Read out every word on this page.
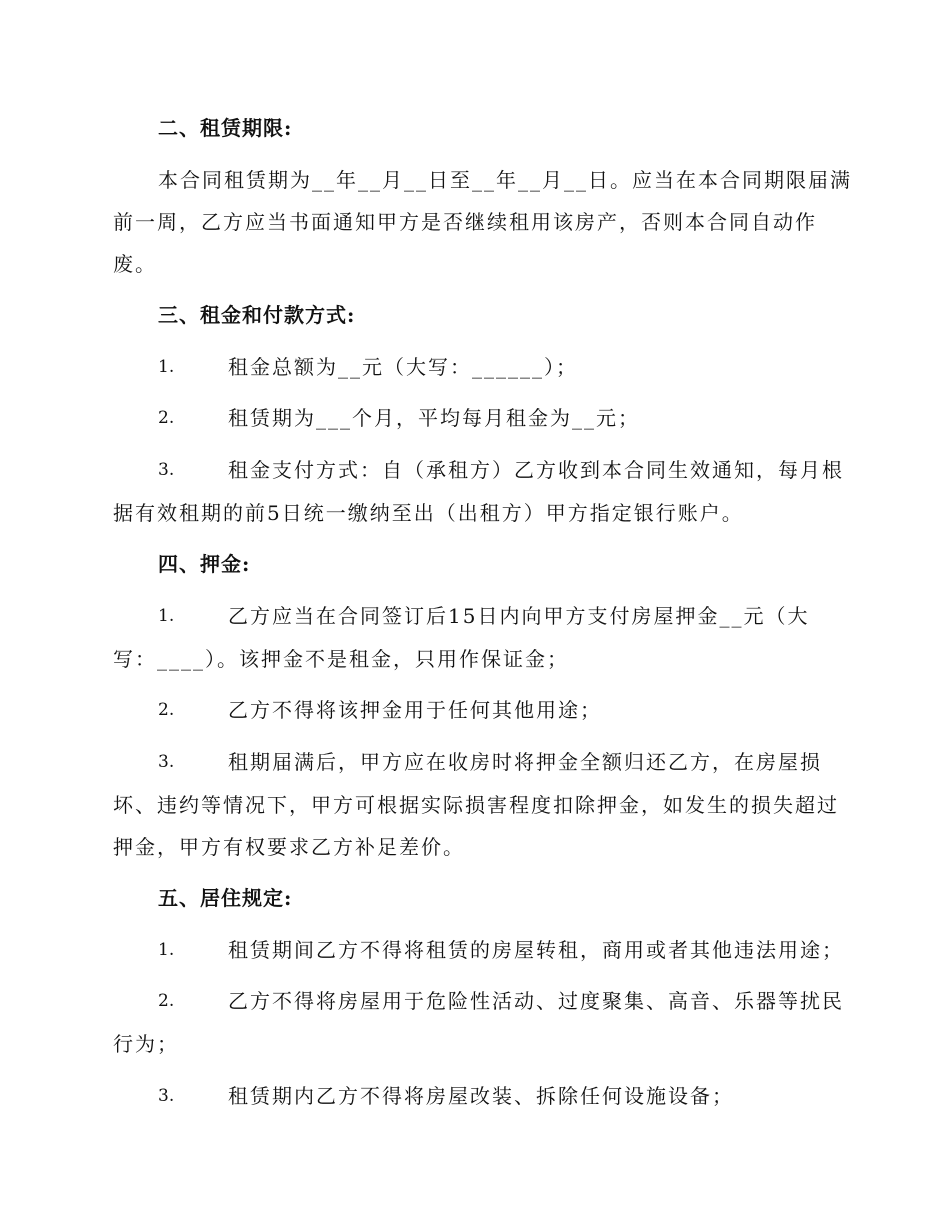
二、租赁期限:
本合同租赁期为__年__月__日至__年__月__日。应当在本合同期限届满
前一周，乙方应当书面通知甲方是否继续租用该房产，否则本合同自动作
废。
三、租金和付款方式:
1.	租金总额为__元（大写：______）；
2.	租赁期为___个月，平均每月租金为__元；
3.	租金支付方式：自（承租方）乙方收到本合同生效通知，每月根
据有效租期的前5日统一缴纳至出（出租方）甲方指定银行账户。
四、押金:
1.	乙方应当在合同签订后15日内向甲方支付房屋押金__元（大
写：____）。该押金不是租金，只用作保证金；
2.	乙方不得将该押金用于任何其他用途；
3.	租期届满后，甲方应在收房时将押金全额归还乙方，在房屋损
坏、违约等情况下，甲方可根据实际损害程度扣除押金，如发生的损失超过
押金，甲方有权要求乙方补足差价。
五、居住规定:
1.	租赁期间乙方不得将租赁的房屋转租，商用或者其他违法用途；
2.	乙方不得将房屋用于危险性活动、过度聚集、高音、乐器等扰民
行为；
3.	租赁期内乙方不得将房屋改装、拆除任何设施设备；
